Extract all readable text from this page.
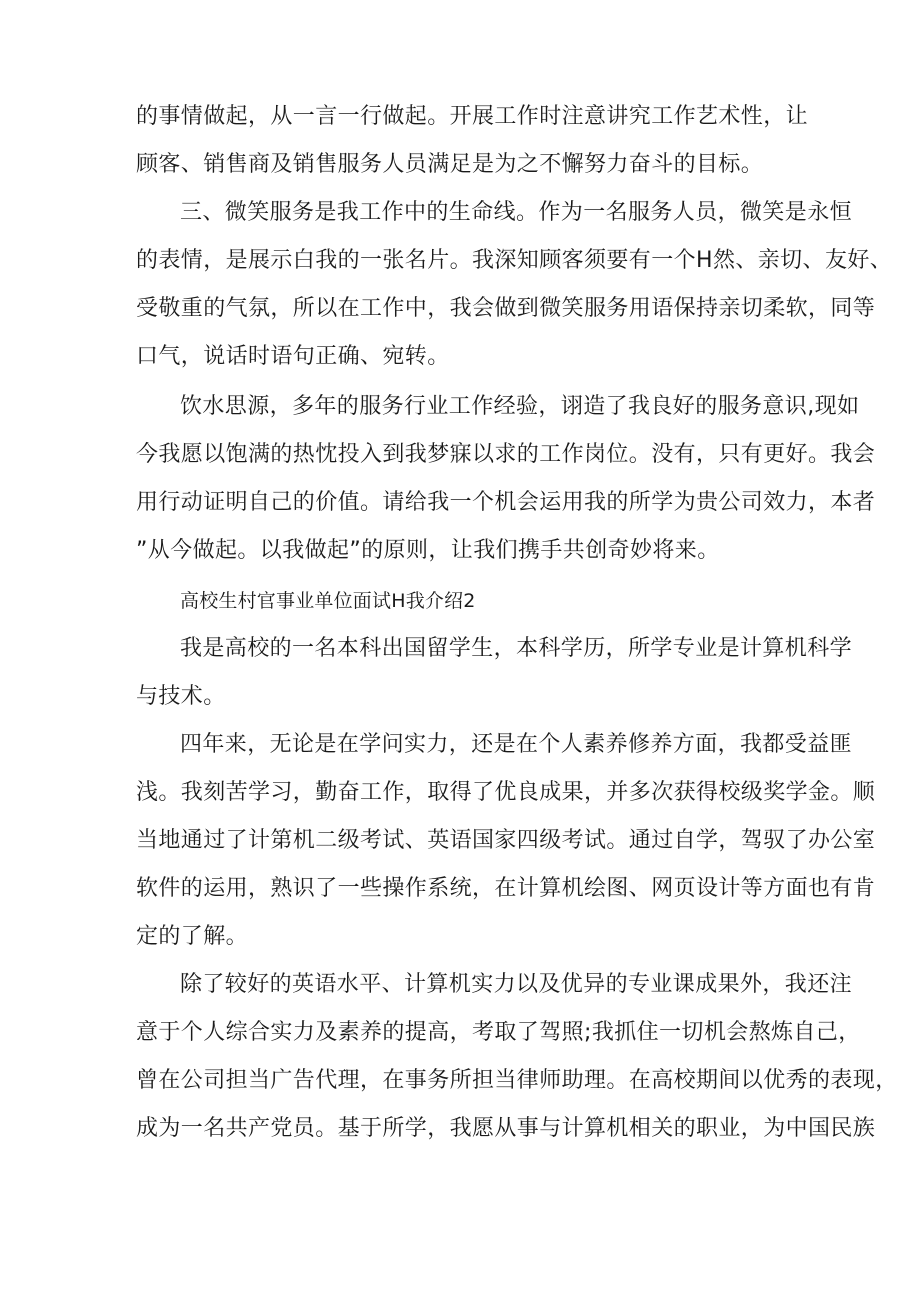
的事情做起，从一言一行做起。开展工作时注意讲究工作艺术性，让
顾客、销售商及销售服务人员满足是为之不懈努力奋斗的目标。
三、微笑服务是我工作中的生命线。作为一名服务人员，微笑是永恒
的表情，是展示白我的一张名片。我深知顾客须要有一个H然、亲切、友好、
受敬重的气氛，所以在工作中，我会做到微笑服务用语保持亲切柔软，同等
口气，说话时语句正确、宛转。
饮水思源，多年的服务行业工作经验，诩造了我良好的服务意识,现如
今我愿以饱满的热忱投入到我梦寐以求的工作岗位。没有，只有更好。我会
用行动证明自己的价值。请给我一个机会运用我的所学为贵公司效力，本者
”从今做起。以我做起”的原则，让我们携手共创奇妙将来。
高校生村官事业单位面试H我介绍2
我是高校的一名本科出国留学生，本科学历，所学专业是计算机科学
与技术。
四年来，无论是在学问实力，还是在个人素养修养方面，我都受益匪
浅。我刻苦学习，勤奋工作，取得了优良成果，并多次获得校级奖学金。顺
当地通过了计第机二级考试、英语国家四级考试。通过自学，驾驭了办公室
软件的运用，熟识了一些操作系统，在计算机绘图、网页设计等方面也有肯
定的了解。
除了较好的英语水平、计算机实力以及优异的专业课成果外，我还注
意于个人综合实力及素养的提高，考取了驾照;我抓住一切机会熬炼自己，
曾在公司担当广告代理，在事务所担当律师助理。在高校期间以优秀的表现，
成为一名共产党员。基于所学，我愿从事与计算机相关的职业，为中国民族
